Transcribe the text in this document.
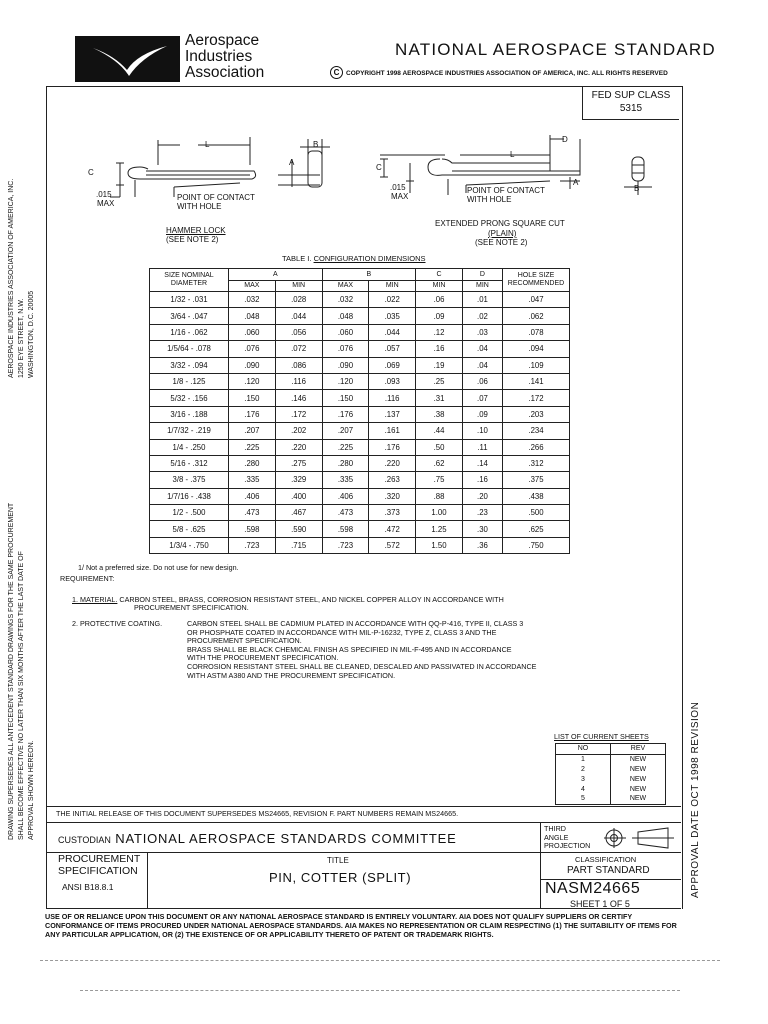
Aerospace
Industries
Association
NATIONAL AEROSPACE STANDARD
C COPYRIGHT 1998 AEROSPACE INDUSTRIES ASSOCIATION OF AMERICA, INC. ALL RIGHTS RESERVED
FED SUP CLASS
5315
L	B
A
C
.015
MAX
POINT OF CONTACT
WITH HOLE
HAMMER LOCK
(SEE NOTE 2)
L
D
C
A
B
.015
MAX
POINT OF CONTACT
WITH HOLE
EXTENDED PRONG SQUARE CUT
(PLAIN)
(SEE NOTE 2)
TABLE I. CONFIGURATION DIMENSIONS
SIZE NOMINAL DIAMETER	A		B		C	D	HOLE SIZE RECOMMENDED
	MAX	MIN	MAX	MIN	MIN	MIN	
1/32 - .031	.032	.028	.032	.022	.06	.01	.047
3/64 - .047	.048	.044	.048	.035	.09	.02	.062
1/16 - .062	.060	.056	.060	.044	.12	.03	.078
1/5/64 - .078	.076	.072	.076	.057	.16	.04	.094
3/32 - .094	.090	.086	.090	.069	.19	.04	.109
1/8 - .125	.120	.116	.120	.093	.25	.06	.141
5/32 - .156	.150	.146	.150	.116	.31	.07	.172
3/16 - .188	.176	.172	.176	.137	.38	.09	.203
1/7/32 - .219	.207	.202	.207	.161	.44	.10	.234
1/4 - .250	.225	.220	.225	.176	.50	.11	.266
5/16 - .312	.280	.275	.280	.220	.62	.14	.312
3/8 - .375	.335	.329	.335	.263	.75	.16	.375
1/7/16 - .438	.406	.400	.406	.320	.88	.20	.438
1/2 - .500	.473	.467	.473	.373	1.00	.23	.500
5/8 - .625	.598	.590	.598	.472	1.25	.30	.625
1/3/4 - .750	.723	.715	.723	.572	1.50	.36	.750
1/ Not a preferred size. Do not use for new design.
REQUIREMENT:
1. MATERIAL. CARBON STEEL, BRASS, CORROSION RESISTANT STEEL, AND NICKEL COPPER ALLOY IN ACCORDANCE WITH
PROCUREMENT SPECIFICATION.
2. PROTECTIVE COATING.	CARBON STEEL SHALL BE CADMIUM PLATED IN ACCORDANCE WITH QQ-P-416, TYPE II, CLASS 3
OR PHOSPHATE COATED IN ACCORDANCE WITH MIL-P-16232, TYPE Z, CLASS 3 AND THE
PROCUREMENT SPECIFICATION.
BRASS SHALL BE BLACK CHEMICAL FINISH AS SPECIFIED IN MIL-F-495 AND IN ACCORDANCE
WITH THE PROCUREMENT SPECIFICATION.
CORROSION RESISTANT STEEL SHALL BE CLEANED, DESCALED AND PASSIVATED IN ACCORDANCE
WITH ASTM A380 AND THE PROCUREMENT SPECIFICATION.
LIST OF CURRENT SHEETS
NO	REV
1	NEW
2	NEW
3	NEW
4	NEW
5	NEW
THE INITIAL RELEASE OF THIS DOCUMENT SUPERSEDES MS24665, REVISION F. PART NUMBERS REMAIN MS24665.
CUSTODIAN NATIONAL AEROSPACE STANDARDS COMMITTEE
THIRD
ANGLE
PROJECTION
PROCUREMENT
SPECIFICATION
ANSI B18.8.1
TITLE
PIN, COTTER (SPLIT)
CLASSIFICATION
PART STANDARD
NASM24665
SHEET 1 OF 5
USE OF OR RELIANCE UPON THIS DOCUMENT OR ANY NATIONAL AEROSPACE STANDARD IS ENTIRELY VOLUNTARY. AIA DOES NOT QUALIFY SUPPLIERS OR CERTIFY CONFORMANCE OF ITEMS PROCURED UNDER NATIONAL AEROSPACE STANDARDS. AIA MAKES NO REPRESENTATION OR CLAIM RESPECTING (1) THE SUITABILITY OF ITEMS FOR ANY PARTICULAR APPLICATION, OR (2) THE EXISTENCE OF OR APPLICABILITY THERETO OF PATENT OR TRADEMARK RIGHTS.
AEROSPACE INDUSTRIES ASSOCIATION OF AMERICA, INC. 1250 EYE STREET, N.W. WASHINGTON, D.C. 20005
DRAWING SUPERSEDES ALL ANTECEDENT STANDARD DRAWINGS FOR THE SAME PROCUREMENT SHALL BECOME EFFECTIVE NO LATER THAN SIX MONTHS AFTER THE LAST DATE OF APPROVAL SHOWN HEREON.	APPROVAL DATE OCT 1998 REVISION
